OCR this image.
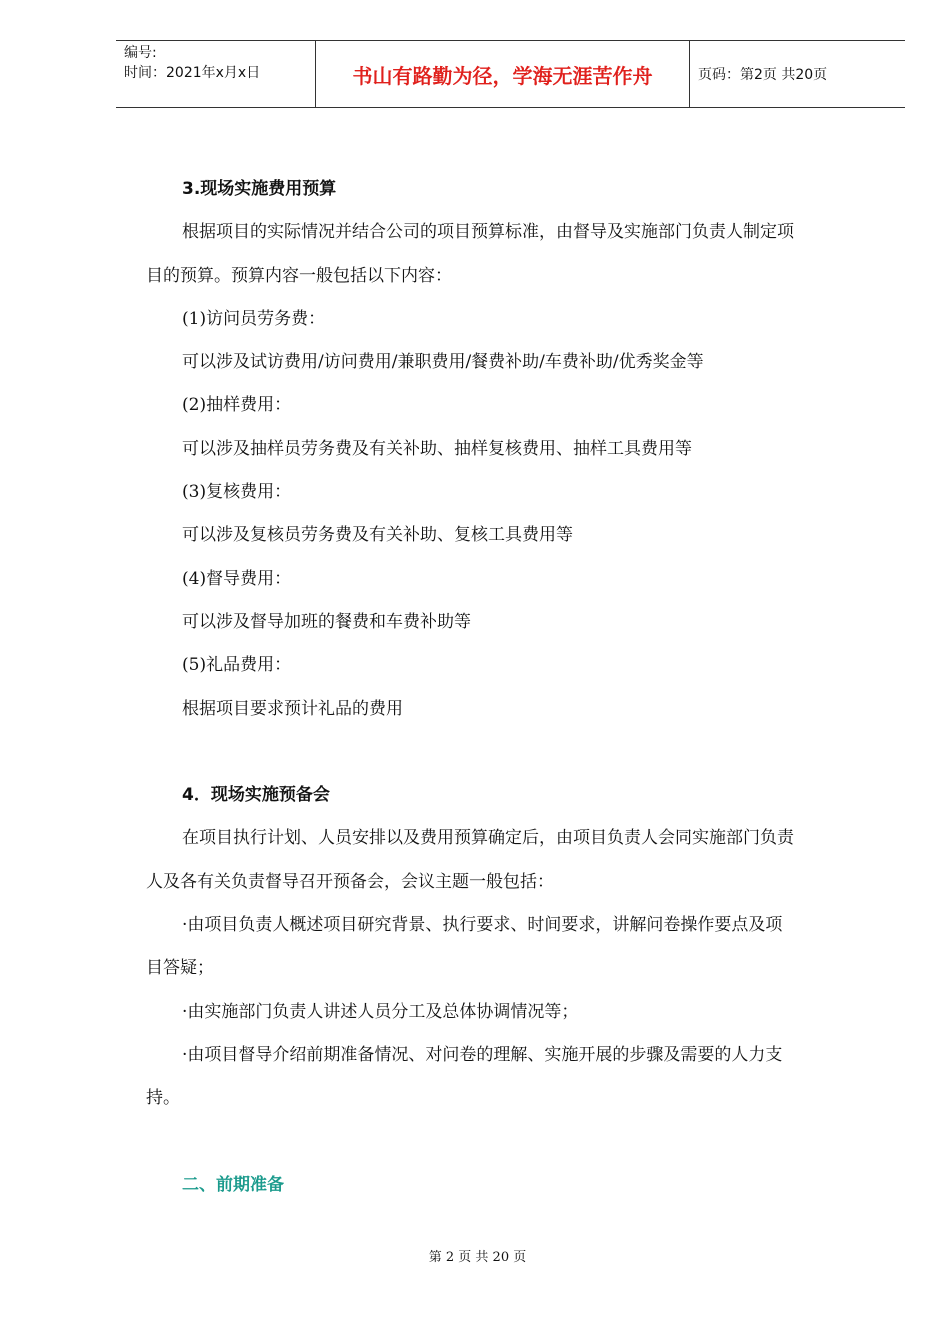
编号:
时间：2021年x月x日	书山有路勤为径，学海无涯苦作舟	页码：第2页 共20页
3.现场实施费用预算

根据项目的实际情况并结合公司的项目预算标准，由督导及实施部门负责人制定项

目的预算。预算内容一般包括以下内容：

(1)访问员劳务费：

可以涉及试访费用/访问费用/兼职费用/餐费补助/车费补助/优秀奖金等

(2)抽样费用：

可以涉及抽样员劳务费及有关补助、抽样复核费用、抽样工具费用等

(3)复核费用：

可以涉及复核员劳务费及有关补助、复核工具费用等

(4)督导费用：

可以涉及督导加班的餐费和车费补助等

(5)礼品费用：

根据项目要求预计礼品的费用

4．现场实施预备会

在项目执行计划、人员安排以及费用预算确定后，由项目负责人会同实施部门负责

人及各有关负责督导召开预备会，会议主题一般包括：

·由项目负责人概述项目研究背景、执行要求、时间要求，讲解问卷操作要点及项

目答疑；

·由实施部门负责人讲述人员分工及总体协调情况等；

·由项目督导介绍前期准备情况、对问卷的理解、实施开展的步骤及需要的人力支

持。

二、前期准备
第 2 页 共 20 页
